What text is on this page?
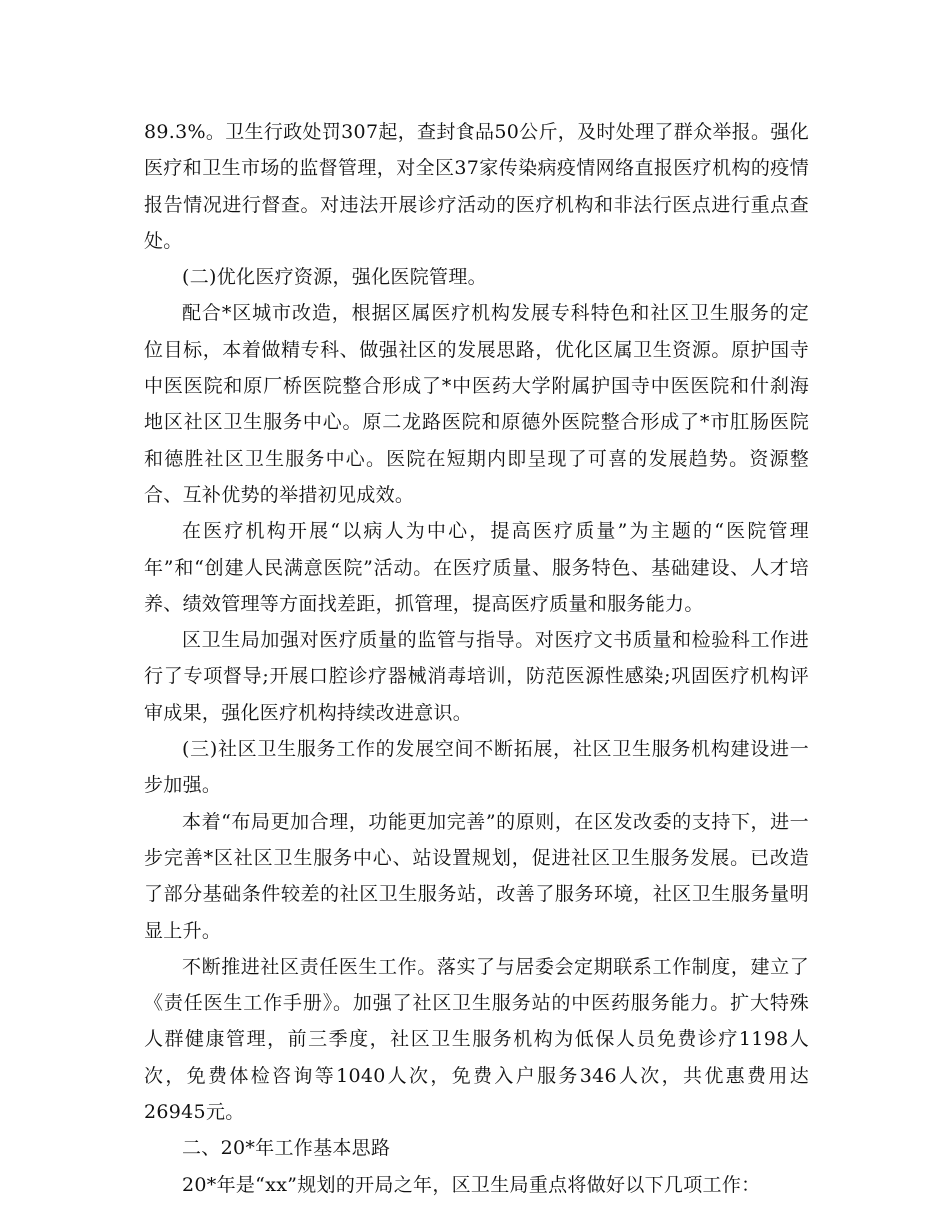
89.3%。卫生行政处罚307起，查封食品50公斤，及时处理了群众举报。强化医疗和卫生市场的监督管理，对全区37家传染病疫情网络直报医疗机构的疫情报告情况进行督查。对违法开展诊疗活动的医疗机构和非法行医点进行重点查处。

(二)优化医疗资源，强化医院管理。

配合*区城市改造，根据区属医疗机构发展专科特色和社区卫生服务的定位目标，本着做精专科、做强社区的发展思路，优化区属卫生资源。原护国寺中医医院和原厂桥医院整合形成了*中医药大学附属护国寺中医医院和什刹海地区社区卫生服务中心。原二龙路医院和原德外医院整合形成了*市肛肠医院和德胜社区卫生服务中心。医院在短期内即呈现了可喜的发展趋势。资源整合、互补优势的举措初见成效。

在医疗机构开展“以病人为中心，提高医疗质量”为主题的“医院管理年”和“创建人民满意医院”活动。在医疗质量、服务特色、基础建设、人才培养、绩效管理等方面找差距，抓管理，提高医疗质量和服务能力。

区卫生局加强对医疗质量的监管与指导。对医疗文书质量和检验科工作进行了专项督导;开展口腔诊疗器械消毒培训，防范医源性感染;巩固医疗机构评审成果，强化医疗机构持续改进意识。

(三)社区卫生服务工作的发展空间不断拓展，社区卫生服务机构建设进一步加强。

本着“布局更加合理，功能更加完善”的原则，在区发改委的支持下，进一步完善*区社区卫生服务中心、站设置规划，促进社区卫生服务发展。已改造了部分基础条件较差的社区卫生服务站，改善了服务环境，社区卫生服务量明显上升。

不断推进社区责任医生工作。落实了与居委会定期联系工作制度，建立了《责任医生工作手册》。加强了社区卫生服务站的中医药服务能力。扩大特殊人群健康管理，前三季度，社区卫生服务机构为低保人员免费诊疗1198人次，免费体检咨询等1040人次，免费入户服务346人次，共优惠费用达26945元。

二、20*年工作基本思路

20*年是“xx”规划的开局之年，区卫生局重点将做好以下几项工作：
